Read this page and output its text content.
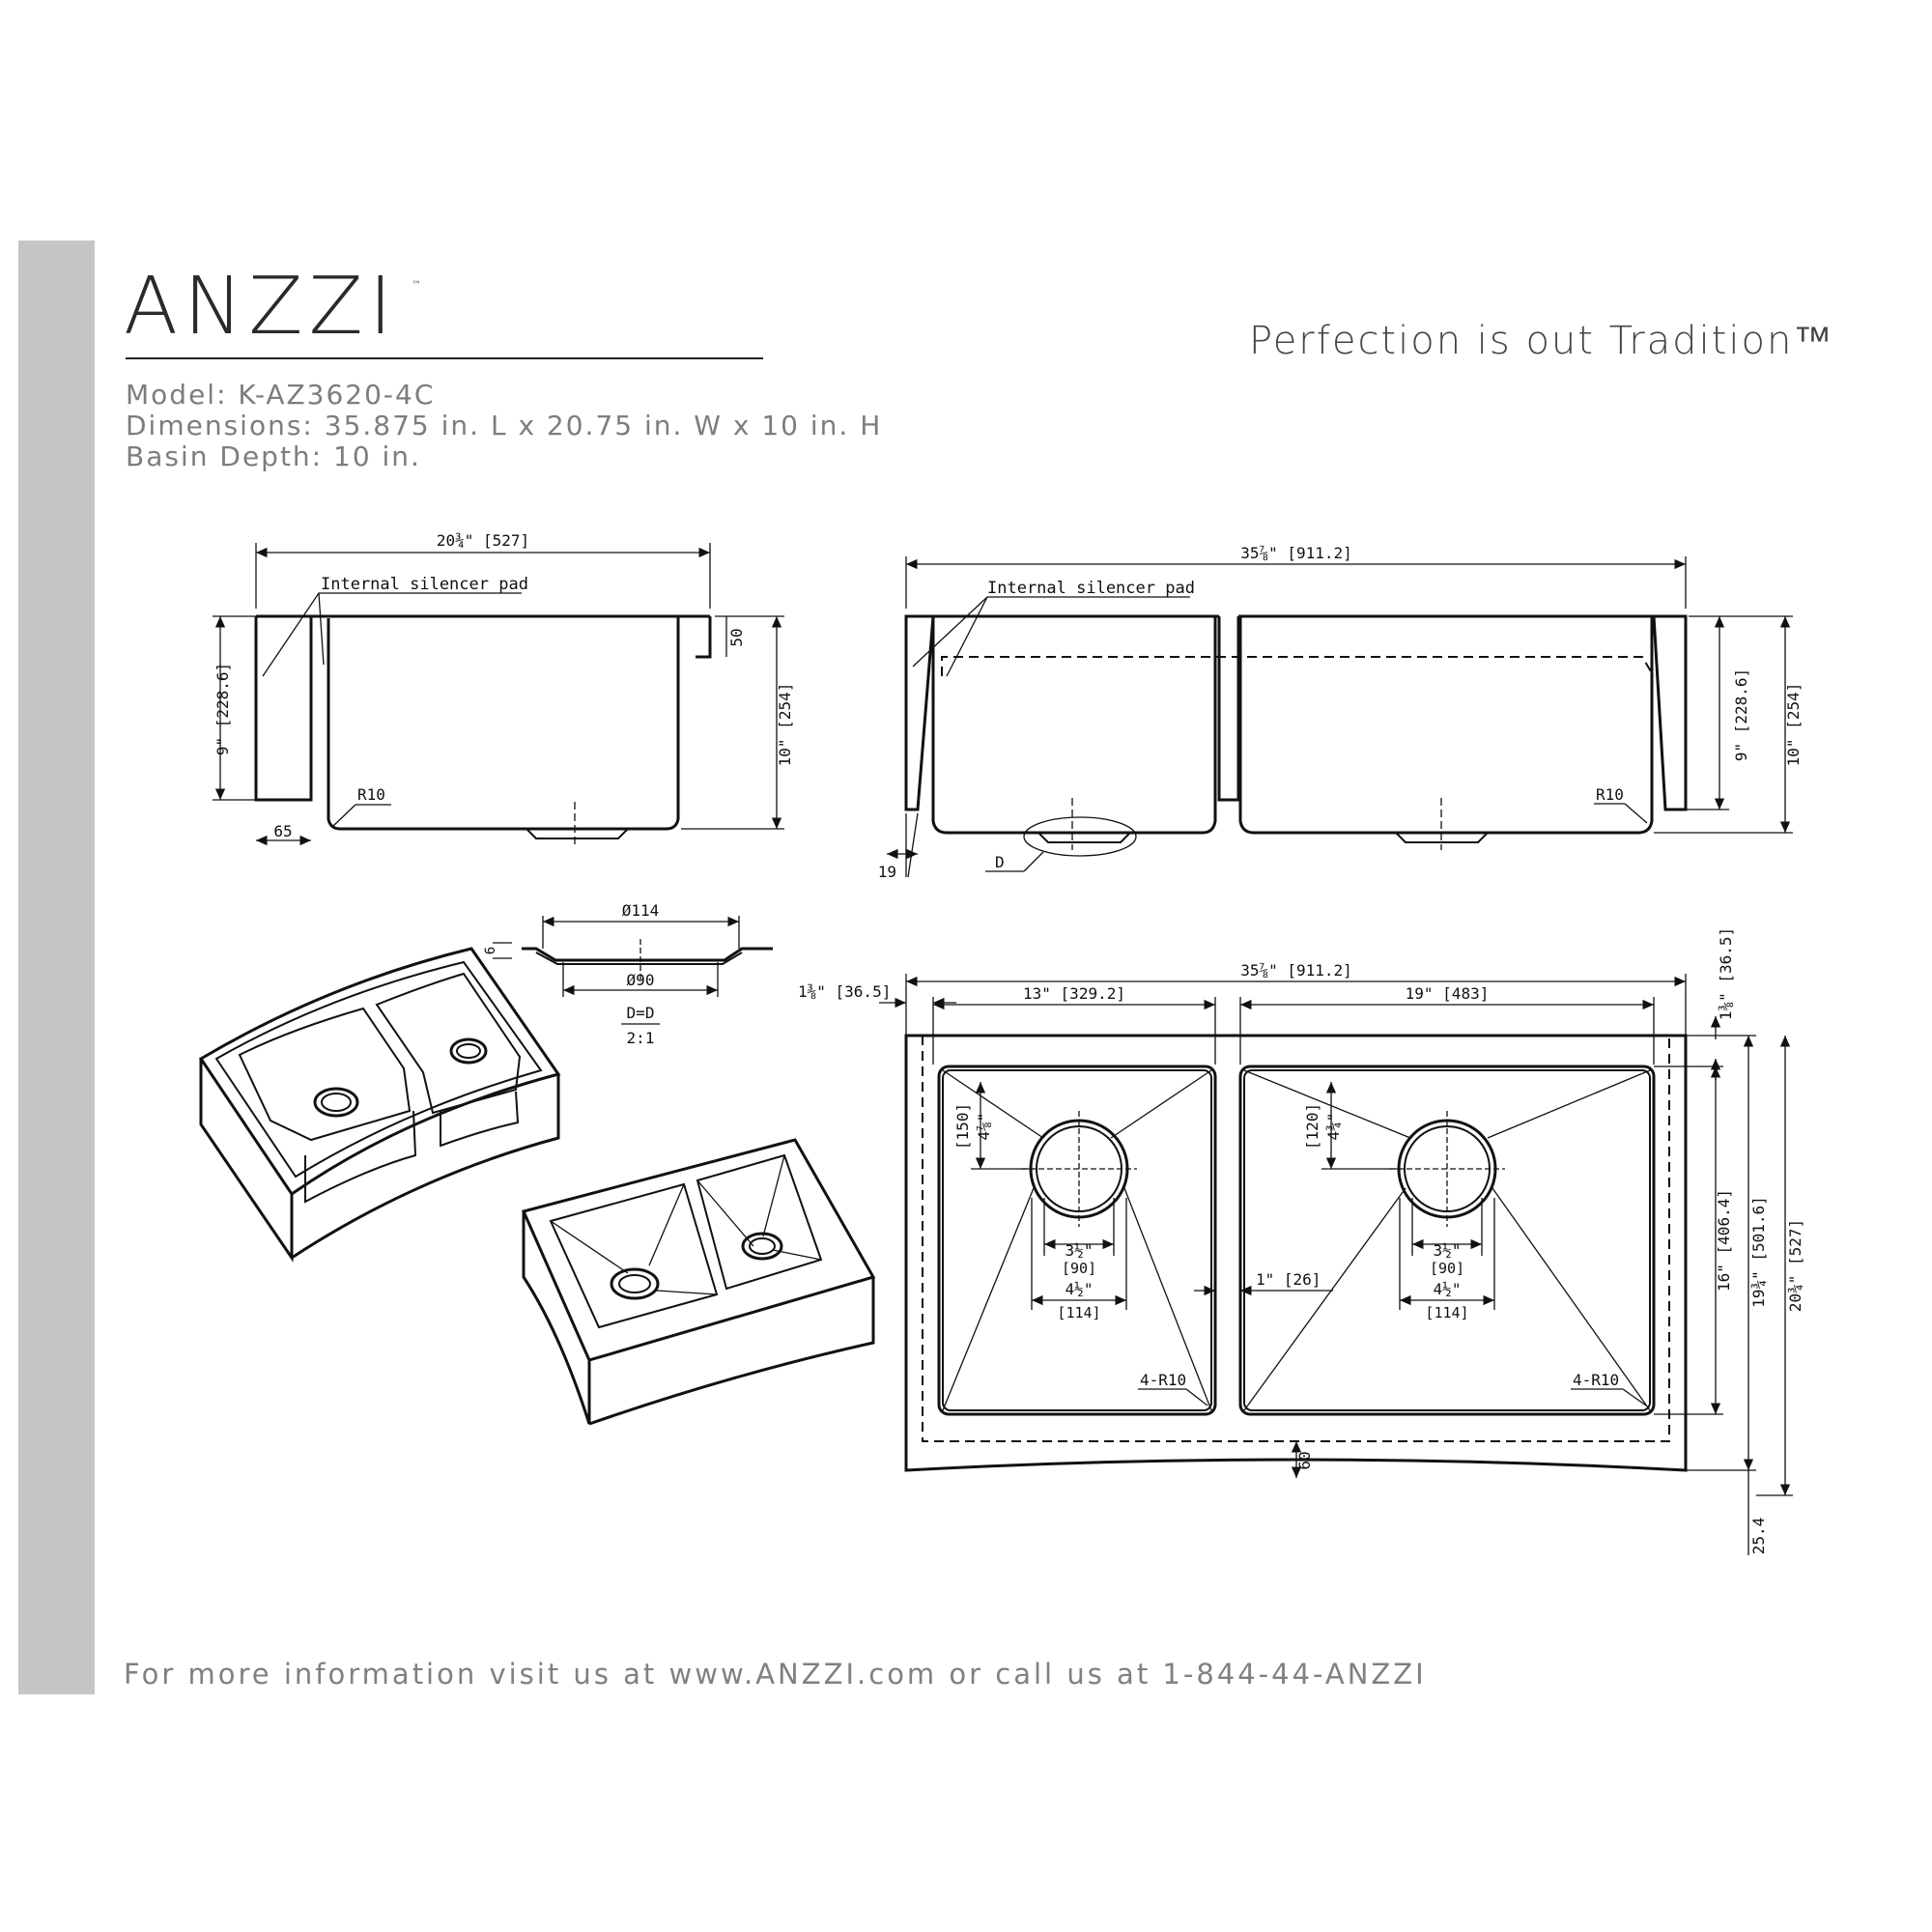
ANZZI ™
Perfection is out Tradition™
Model: K-AZ3620-4C
Dimensions: 35.875 in. L x 20.75 in. W x 10 in. H
Basin Depth: 10 in.
20¾" [527]
Internal silencer pad
9" [228.6]	10" [254]
50
R10
65
35⅞" [911.2]
D
Internal silencer pad
9" [228.6] 10" [254]
R10
19
Ø114
Ø90
6
D=D
2:1
35⅞" [911.2]
1⅜" [36.5]	1⅜" [36.5]
13" [329.2]	19" [483]
[150] 4⅞"	[120] 4¾"
3½"
[90]
4½"
[114]
3½"
[90]
4½"
[114]
1" [26]
4-R10	4-R10
60
16" [406.4] 19¾" [501.6] 20¾" [527]
25.4
For more information visit us at www.ANZZI.com or call us at 1-844-44-ANZZI
